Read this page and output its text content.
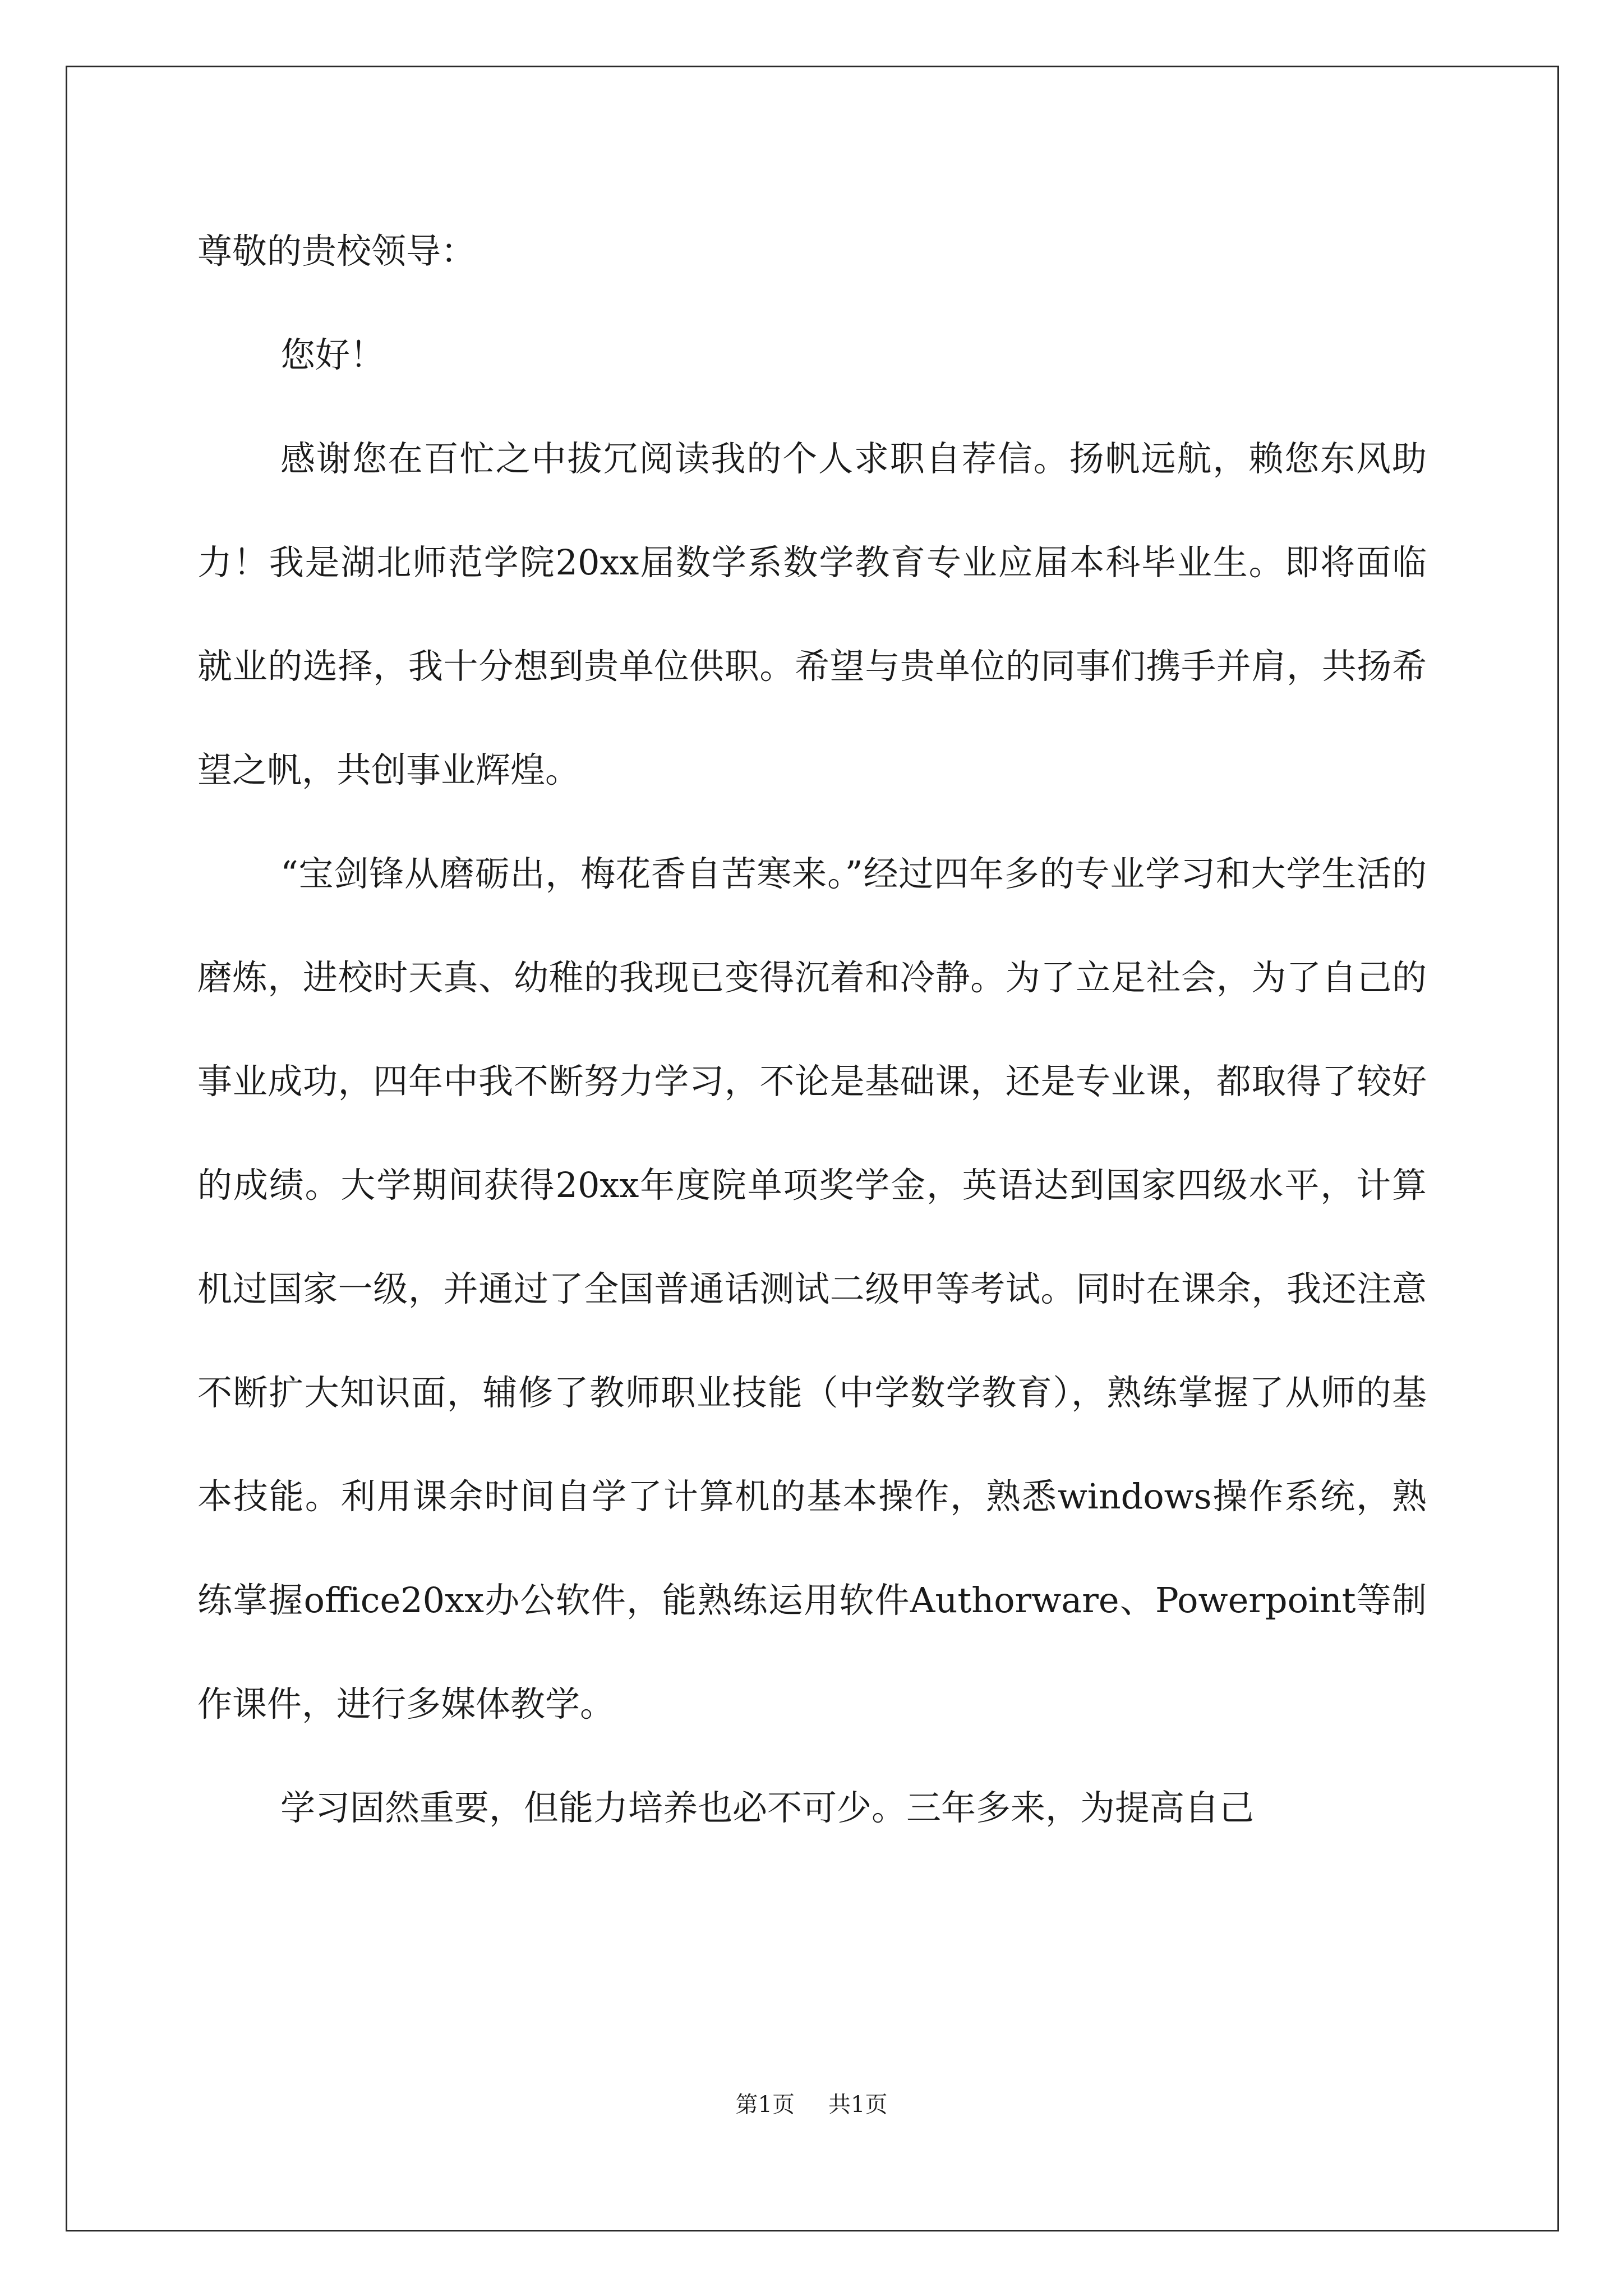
尊敬的贵校领导：

您好！

感谢您在百忙之中拔冗阅读我的个人求职自荐信。扬帆远航，赖您东风助力！我是湖北师范学院20xx届数学系数学教育专业应届本科毕业生。即将面临就业的选择，我十分想到贵单位供职。希望与贵单位的同事们携手并肩，共扬希望之帆，共创事业辉煌。

“宝剑锋从磨砺出，梅花香自苦寒来。”经过四年多的专业学习和大学生活的磨炼，进校时天真、幼稚的我现已变得沉着和冷静。为了立足社会，为了自己的事业成功，四年中我不断努力学习，不论是基础课，还是专业课，都取得了较好的成绩。大学期间获得20xx年度院单项奖学金，英语达到国家四级水平，计算机过国家一级，并通过了全国普通话测试二级甲等考试。同时在课余，我还注意不断扩大知识面，辅修了教师职业技能（中学数学教育），熟练掌握了从师的基本技能。利用课余时间自学了计算机的基本操作，熟悉windows操作系统，熟练掌握office20xx办公软件，能熟练运用软件Authorware、Powerpoint等制作课件，进行多媒体教学。

学习固然重要，但能力培养也必不可少。三年多来，为提高自己

第1页 共1页
